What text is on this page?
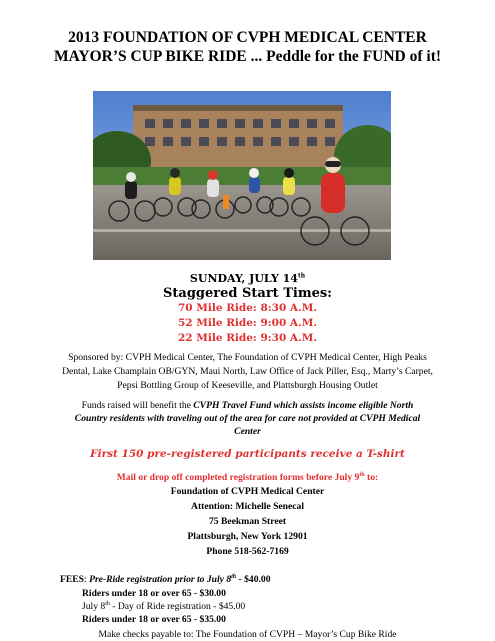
2013 FOUNDATION OF CVPH MEDICAL CENTER
MAYOR’S CUP BIKE RIDE ... Peddle for the FUND of it!
SUNDAY, JULY 14th
Staggered Start Times:
70 Mile Ride: 8:30 A.M.
52 Mile Ride: 9:00 A.M.
22 Mile Ride: 9:30 A.M.
Sponsored by: CVPH Medical Center, The Foundation of CVPH Medical Center, High Peaks
Dental, Lake Champlain OB/GYN, Maui North, Law Office of Jack Piller, Esq., Marty’s Carpet,
Pepsi Bottling Group of Keeseville, and Plattsburgh Housing Outlet
Funds raised will benefit the CVPH Travel Fund which assists income eligible North
Country residents with traveling out of the area for care not provided at CVPH Medical
Center
First 150 pre-registered participants receive a T-shirt
Mail or drop off completed registration forms before July 9th to:
Foundation of CVPH Medical Center
Attention: Michelle Senecal
75 Beekman Street
Plattsburgh, New York 12901
Phone 518-562-7169
FEES: Pre-Ride registration prior to July 8th - $40.00
Riders under 18 or over 65 - $30.00
July 8th - Day of Ride registration - $45.00
Riders under 18 or over 65 - $35.00
Make checks payable to: The Foundation of CVPH – Mayor’s Cup Bike Ride
